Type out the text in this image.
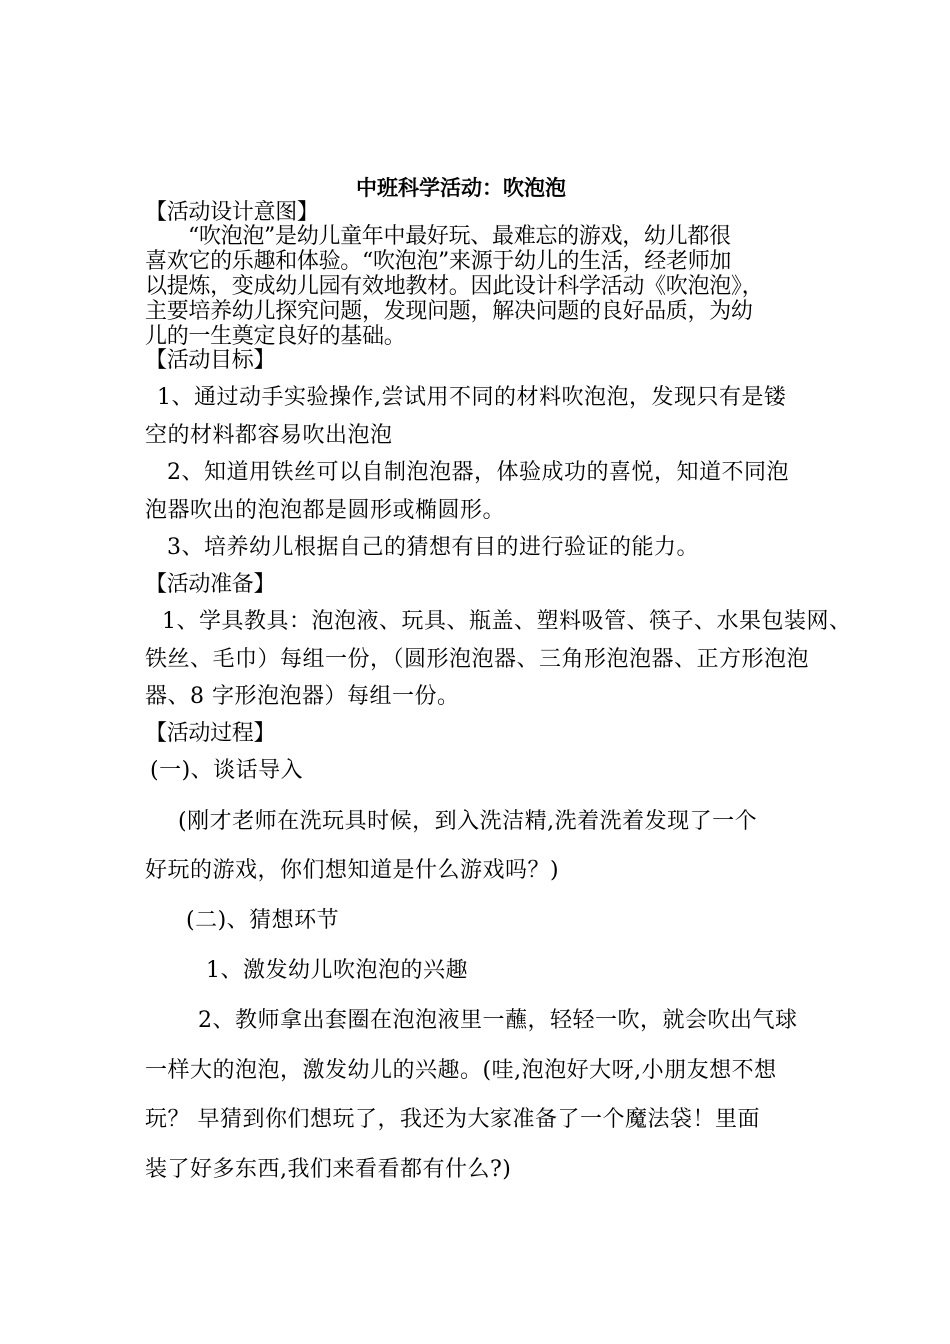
中班科学活动：吹泡泡
【活动设计意图】
“吹泡泡”是幼儿童年中最好玩、最难忘的游戏，幼儿都很
喜欢它的乐趣和体验。“吹泡泡”来源于幼儿的生活，经老师加
以提炼，变成幼儿园有效地教材。因此设计科学活动《吹泡泡》，
主要培养幼儿探究问题，发现问题，解决问题的良好品质，为幼
儿的一生奠定良好的基础。
【活动目标】
1、通过动手实验操作,尝试用不同的材料吹泡泡，发现只有是镂
空的材料都容易吹出泡泡
2、知道用铁丝可以自制泡泡器，体验成功的喜悦，知道不同泡
泡器吹出的泡泡都是圆形或椭圆形。
3、培养幼儿根据自己的猜想有目的进行验证的能力。
【活动准备】
1、学具教具：泡泡液、玩具、瓶盖、塑料吸管、筷子、水果包装网、
铁丝、毛巾）每组一份，（圆形泡泡器、三角形泡泡器、正方形泡泡
器、8 字形泡泡器）每组一份。
【活动过程】
(一)、谈话导入
(刚才老师在洗玩具时候，到入洗洁精,洗着洗着发现了一个
好玩的游戏，你们想知道是什么游戏吗？)
(二)、猜想环节
1、激发幼儿吹泡泡的兴趣
2、教师拿出套圈在泡泡液里一蘸，轻轻一吹，就会吹出气球
一样大的泡泡，激发幼儿的兴趣。(哇,泡泡好大呀,小朋友想不想
玩？ 早猜到你们想玩了，我还为大家准备了一个魔法袋！里面
装了好多东西,我们来看看都有什么?)
